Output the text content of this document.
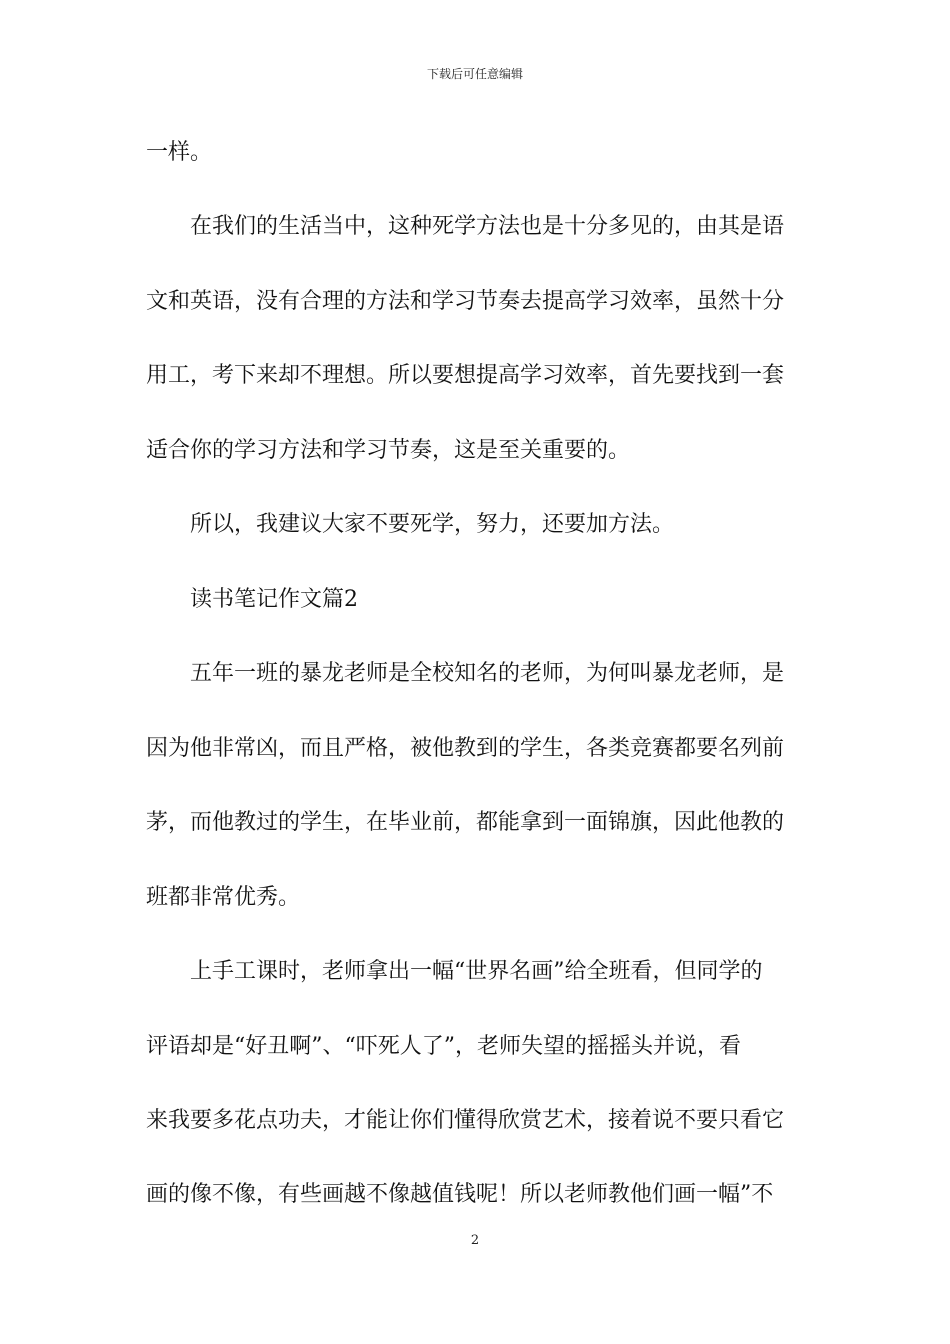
下载后可任意编辑
一样。
在我们的生活当中，这种死学方法也是十分多见的，由其是语
文和英语，没有合理的方法和学习节奏去提高学习效率，虽然十分
用工，考下来却不理想。所以要想提高学习效率，首先要找到一套
适合你的学习方法和学习节奏，这是至关重要的。
所以，我建议大家不要死学，努力，还要加方法。
读书笔记作文篇2
五年一班的暴龙老师是全校知名的老师，为何叫暴龙老师，是
因为他非常凶，而且严格，被他教到的学生，各类竞赛都要名列前
茅，而他教过的学生，在毕业前，都能拿到一面锦旗，因此他教的
班都非常优秀。
上手工课时，老师拿出一幅“世界名画”给全班看，但同学的
评语却是“好丑啊”、“吓死人了”，老师失望的摇摇头并说，看
来我要多花点功夫，才能让你们懂得欣赏艺术，接着说不要只看它
画的像不像，有些画越不像越值钱呢！所以老师教他们画一幅”不
2
